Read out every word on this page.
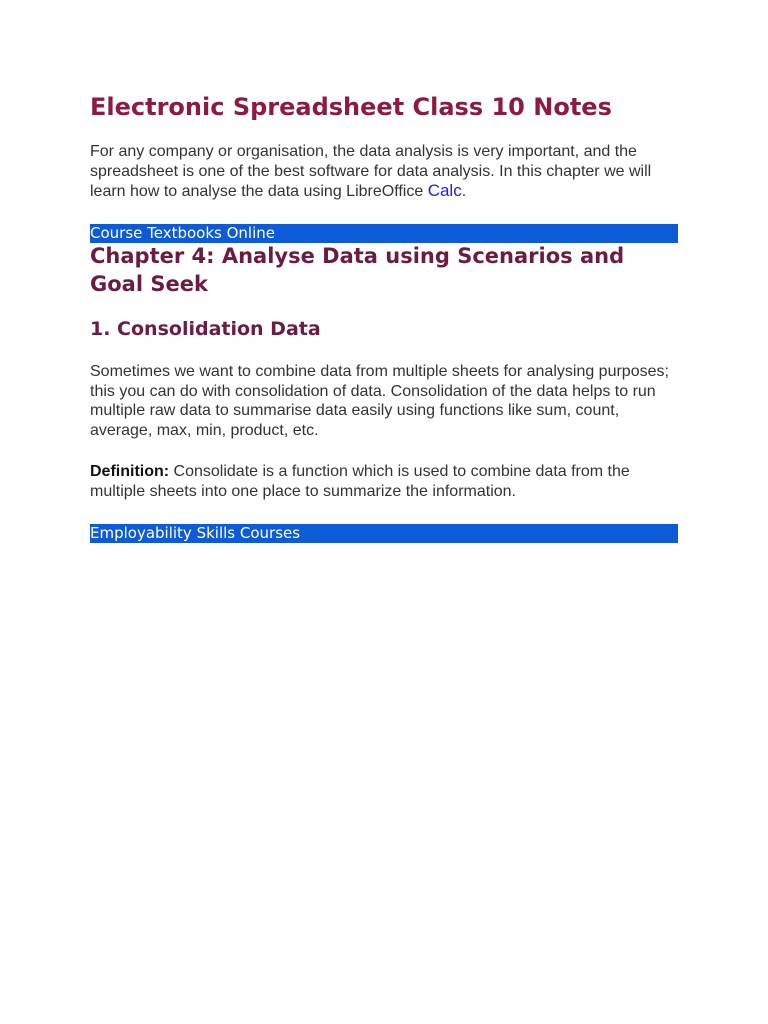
Electronic Spreadsheet Class 10 Notes

For any company or organisation, the data analysis is very important, and the spreadsheet is one of the best software for data analysis. In this chapter we will learn how to analyse the data using LibreOffice Calc.

Course Textbooks Online
Chapter 4: Analyse Data using Scenarios and Goal Seek
1. Consolidation Data

Sometimes we want to combine data from multiple sheets for analysing purposes; this you can do with consolidation of data. Consolidation of the data helps to run multiple raw data to summarise data easily using functions like sum, count, average, max, min, product, etc.

Definition: Consolidate is a function which is used to combine data from the multiple sheets into one place to summarize the information.

Employability Skills Courses
